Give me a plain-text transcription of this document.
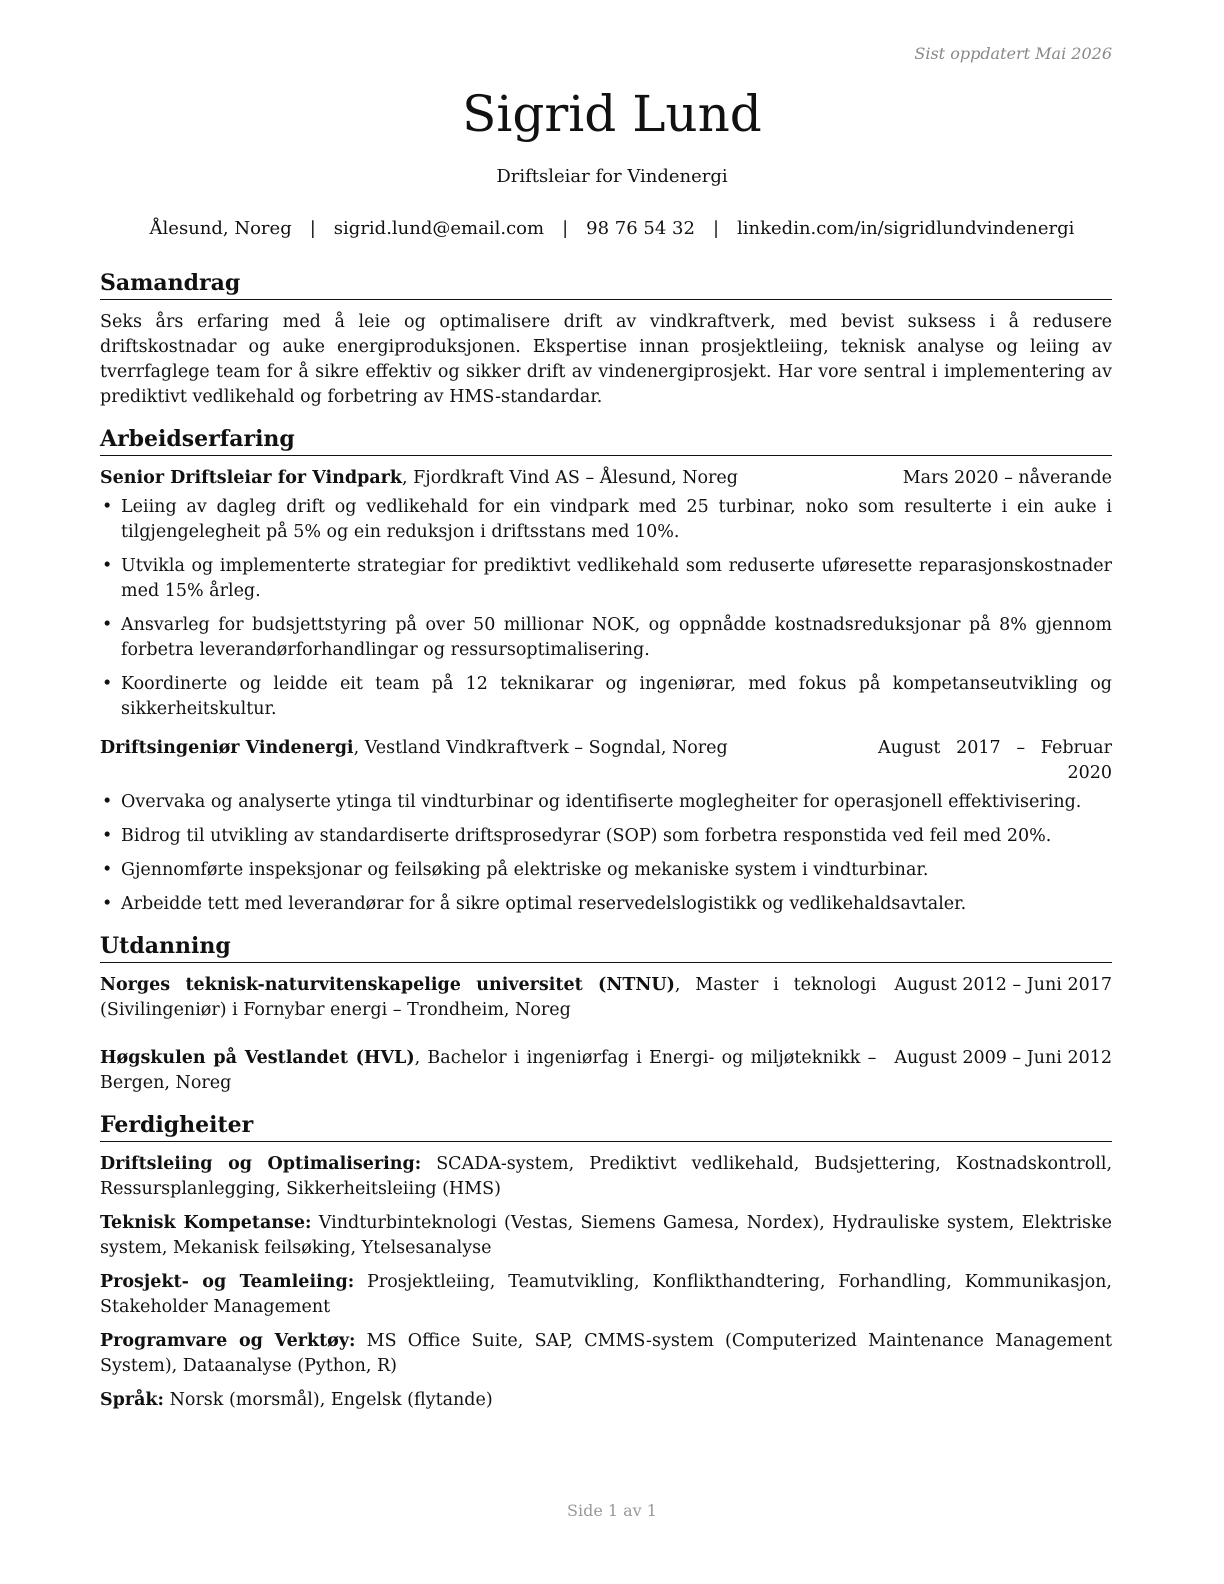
Sist oppdatert Mai 2026
Sigrid Lund
Driftsleiar for Vindenergi
Ålesund, Noreg | sigrid.lund@email.com | 98 76 54 32 | linkedin.com/in/sigridlundvindenergi
Samandrag

Seks års erfaring med å leie og optimalisere drift av vindkraftverk, med bevist suksess i å redusere driftskostnadar og auke energiproduksjonen. Ekspertise innan prosjektleiing, teknisk analyse og leiing av tverrfaglege team for å sikre effektiv og sikker drift av vindenergiprosjekt. Har vore sentral i implementering av prediktivt vedlikehald og forbetring av HMS-standardar.

Arbeidserfaring
Senior Driftsleiar for Vindpark, Fjordkraft Vind AS – Ålesund, Noreg	Mars 2020 – nåverande
• Leiing av dagleg drift og vedlikehald for ein vindpark med 25 turbinar, noko som resulterte i ein auke i tilgjengelegheit på 5% og ein reduksjon i driftsstans med 10%.
• Utvikla og implementerte strategiar for prediktivt vedlikehald som reduserte uføresette reparasjonskostnader med 15% årleg.
• Ansvarleg for budsjettstyring på over 50 millionar NOK, og oppnådde kostnadsreduksjonar på 8% gjennom forbetra leverandørforhandlingar og ressursoptimalisering.
• Koordinerte og leidde eit team på 12 teknikarar og ingeniørar, med fokus på kompetanseutvikling og sikkerheitskultur.
Driftsingeniør Vindenergi, Vestland Vindkraftverk – Sogndal, Noreg	August 2017 – Februar 2020
• Overvaka og analyserte ytinga til vindturbinar og identifiserte moglegheiter for operasjonell effektivisering.
• Bidrog til utvikling av standardiserte driftsprosedyrar (SOP) som forbetra responstida ved feil med 20%.
• Gjennomførte inspeksjonar og feilsøking på elektriske og mekaniske system i vindturbinar.
• Arbeidde tett med leverandørar for å sikre optimal reservedelslogistikk og vedlikehaldsavtaler.
Utdanning
Norges teknisk-naturvitenskapelige universitet (NTNU), Master i teknologi (Sivilingeniør) i Fornybar energi – Trondheim, Noreg
August 2012 – Juni 2017
Høgskulen på Vestlandet (HVL), Bachelor i ingeniørfag i Energi- og miljøteknikk – Bergen, Noreg
August 2009 – Juni 2012
Ferdigheiter
Driftsleiing og Optimalisering: SCADA-system, Prediktivt vedlikehald, Budsjettering, Kostnadskontroll, Ressursplanlegging, Sikkerheitsleiing (HMS)
Teknisk Kompetanse: Vindturbinteknologi (Vestas, Siemens Gamesa, Nordex), Hydrauliske system, Elektriske system, Mekanisk feilsøking, Ytelsesanalyse
Prosjekt- og Teamleiing: Prosjektleiing, Teamutvikling, Konflikthandtering, Forhandling, Kommunikasjon, Stakeholder Management
Programvare og Verktøy: MS Office Suite, SAP, CMMS-system (Computerized Maintenance Management System), Dataanalyse (Python, R)
Språk: Norsk (morsmål), Engelsk (flytande)
Side 1 av 1
